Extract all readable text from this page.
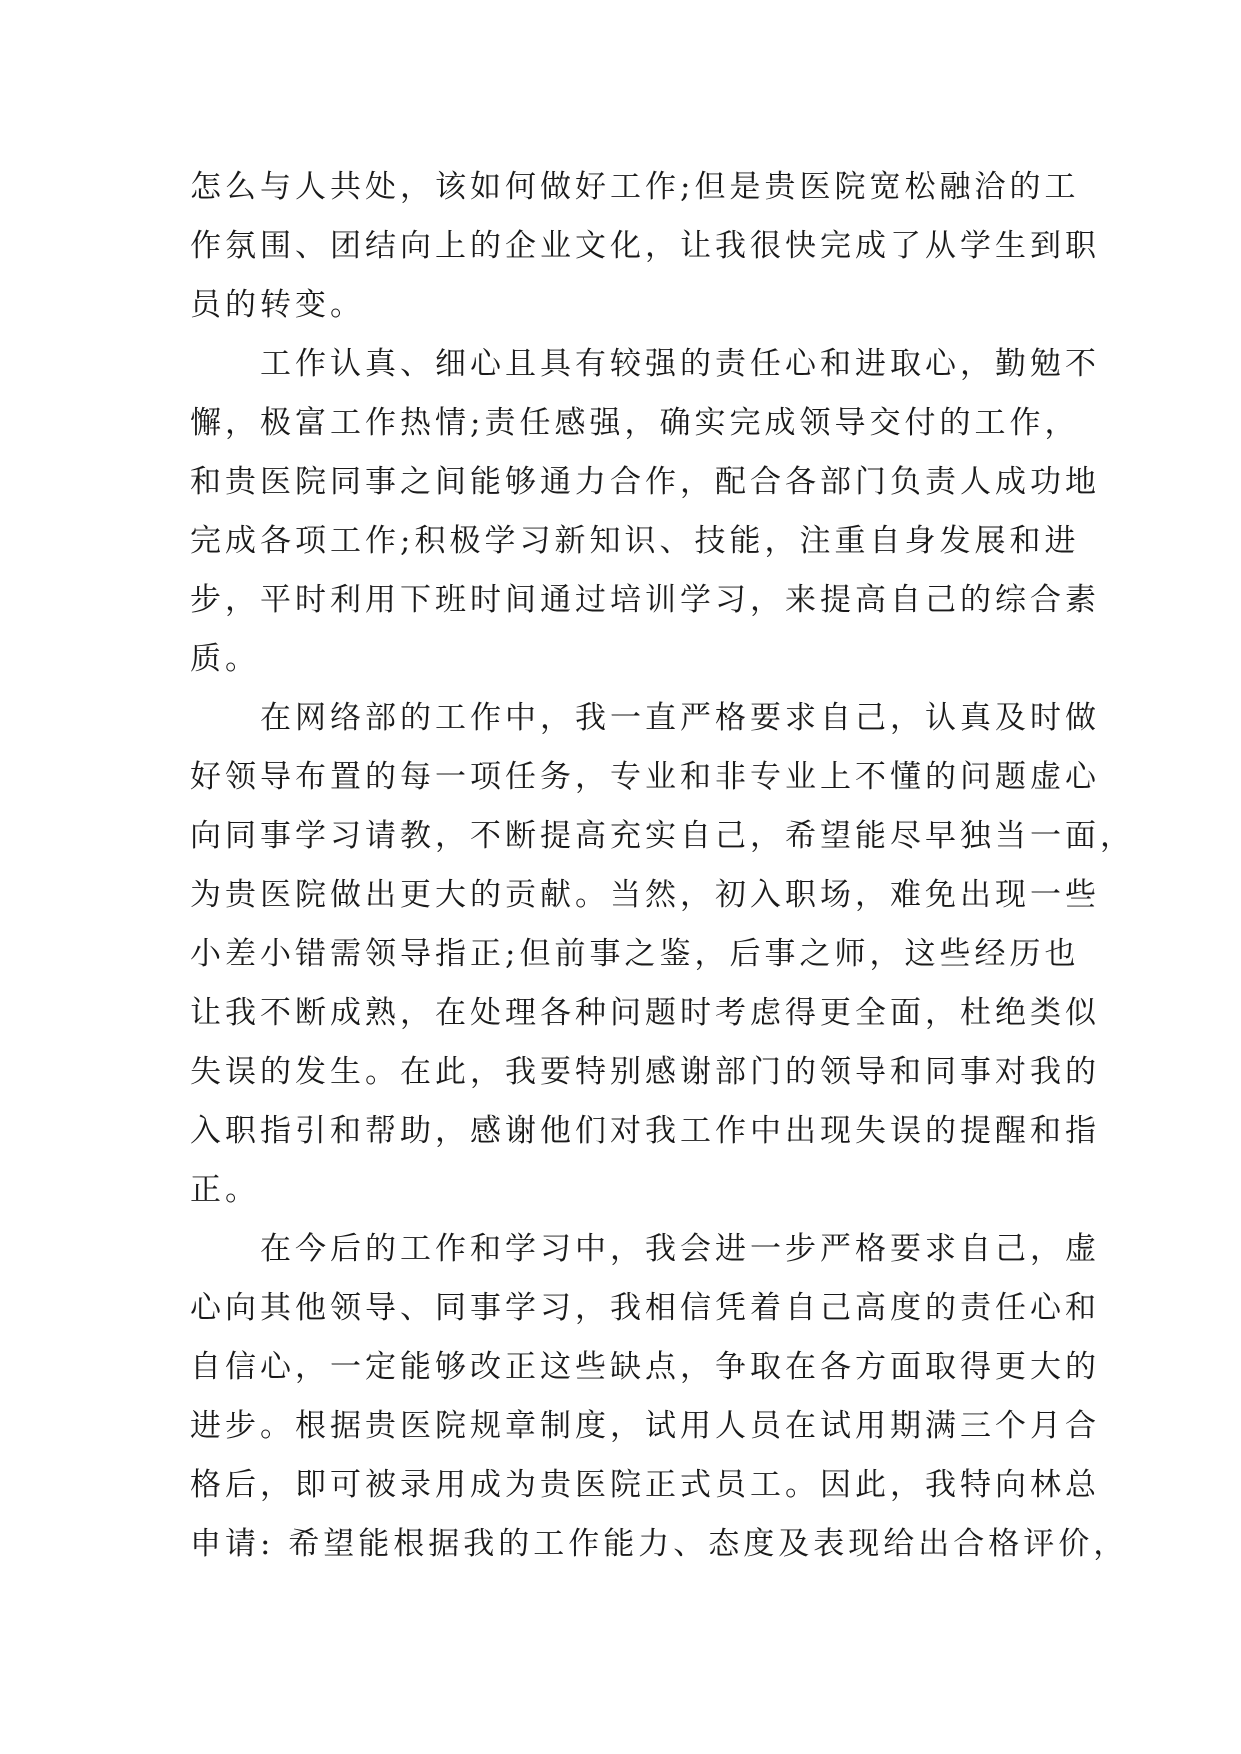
怎么与人共处，该如何做好工作;但是贵医院宽松融洽的工
作氛围、团结向上的企业文化，让我很快完成了从学生到职
员的转变。
　　工作认真、细心且具有较强的责任心和进取心，勤勉不
懈，极富工作热情;责任感强，确实完成领导交付的工作，
和贵医院同事之间能够通力合作，配合各部门负责人成功地
完成各项工作;积极学习新知识、技能，注重自身发展和进
步，平时利用下班时间通过培训学习，来提高自己的综合素
质。
　　在网络部的工作中，我一直严格要求自己，认真及时做
好领导布置的每一项任务，专业和非专业上不懂的问题虚心
向同事学习请教，不断提高充实自己，希望能尽早独当一面，
为贵医院做出更大的贡献。当然，初入职场，难免出现一些
小差小错需领导指正;但前事之鉴，后事之师，这些经历也
让我不断成熟，在处理各种问题时考虑得更全面，杜绝类似
失误的发生。在此，我要特别感谢部门的领导和同事对我的
入职指引和帮助，感谢他们对我工作中出现失误的提醒和指
正。
　　在今后的工作和学习中，我会进一步严格要求自己，虚
心向其他领导、同事学习，我相信凭着自己高度的责任心和
自信心，一定能够改正这些缺点，争取在各方面取得更大的
进步。根据贵医院规章制度，试用人员在试用期满三个月合
格后，即可被录用成为贵医院正式员工。因此，我特向林总
申请: 希望能根据我的工作能力、态度及表现给出合格评价，
